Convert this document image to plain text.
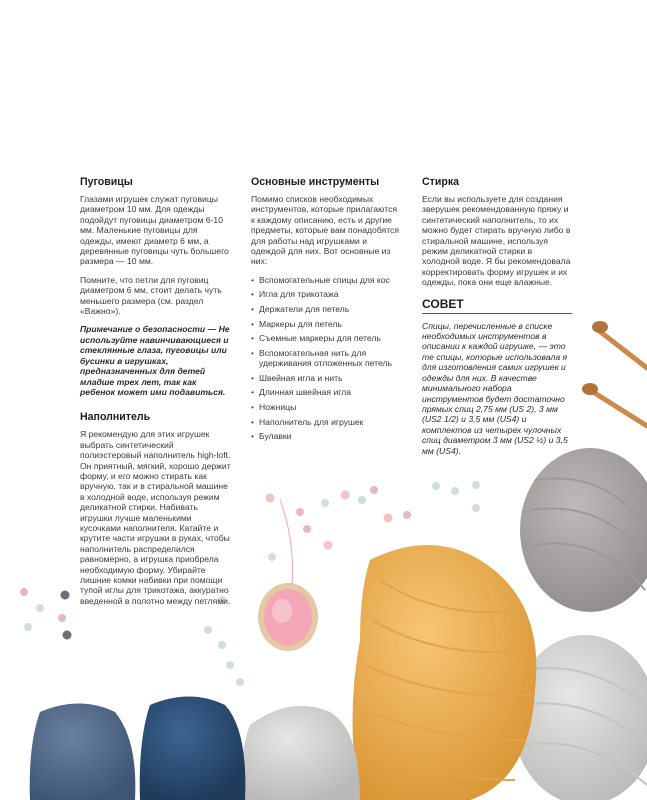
Пуговицы

Глазами игрушек служат пуговицы диаметром 10 мм. Для одежды подойдут пуговицы диаметром 6-10 мм. Маленькие пуговицы для одежды, имеют диаметр 6 мм, а деревянные пуговицы чуть большего размера — 10 мм.

Помните, что петли для пуговиц диаметром 6 мм, стоит делать чуть меньшего размера (см. раздел «Важно»).

Примечание о безопасности — Не используйте навинчивающиеся и стеклянные глаза, пуговицы или бусинки в игрушках, предназначенных для детей младше трех лет, так как ребенок может ими подавиться.

Наполнитель

Я рекомендую для этих игрушек выбрать синтетический полиэстеровый наполнитель high-loft. Он приятный, мягкий, хорошо держит форму, и его можно стирать как вручную, так и в стиральной машине в холодной воде, используя режим деликатной стирки. Набивать игрушки лучше маленькими кусочками наполнителя. Катайте и крутите части игрушки в руках, чтобы наполнитель распределился равномерно, а игрушка приобрела необходимую форму. Убирайте лишние комки набивки при помощи тупой иглы для трикотажа, аккуратно введенной в полотно между петлями.

Основные инструменты

Помимо списков необходимых инструментов, которые прилагаются к каждому описанию, есть и другие предметы, которые вам понадобятся для работы над игрушками и одеждой для них. Вот основные из них:

• Вспомогательные спицы для кос
• Игла для трикотажа
• Держатели для петель
• Маркеры для петель
• Съемные маркеры для петель
• Вспомогательная нить для удерживания отложенных петель
• Швейная игла и нить
• Длинная швейная игла
• Ножницы
• Наполнитель для игрушек
• Булавки
Стирка

Если вы используете для создания зверушек рекомендованную пряжу и синтетический наполнитель, то их можно будет стирать вручную либо в стиральной машине, используя режим деликатной стирки в холодной воде. Я бы рекомендовала корректировать форму игрушек и их одежды, пока они еще влажные.

СОВЕТ

Спицы, перечисленные в списке необходимых инструментов в описании к каждой игрушке, — это те спицы, которые использовала я для изготовления самих игрушек и одежды для них. В качестве минимального набора инструментов будет достаточно прямых спиц 2,75 мм (US 2), 3 мм (US2 1/2) и 3,5 мм (US4) и комплектов из четырех чулочных спиц диаметром 3 мм (US2 ½) и 3,5 мм (US4).
